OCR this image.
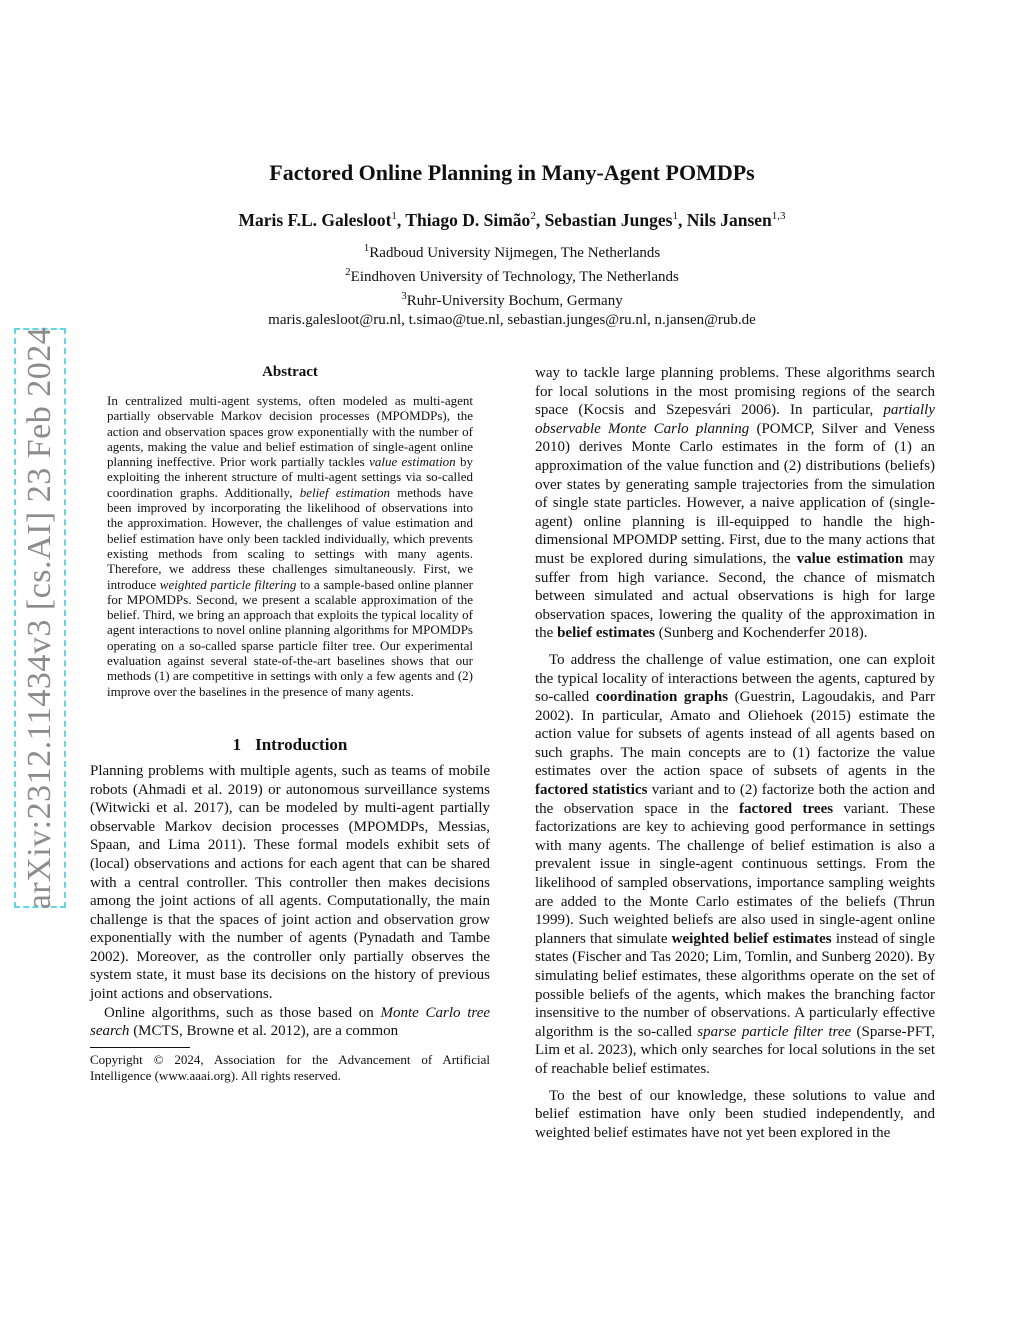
arXiv:2312.11434v3 [cs.AI] 23 Feb 2024
Factored Online Planning in Many-Agent POMDPs
Maris F.L. Galesloot$^1$, Thiago D. Simão$^2$, Sebastian Junges$^1$, Nils Jansen$^{1,3}$
$^1$Radboud University Nijmegen, The Netherlands
$^2$Eindhoven University of Technology, The Netherlands
$^3$Ruhr-University Bochum, Germany
maris.galesloot@ru.nl, t.simao@tue.nl, sebastian.junges@ru.nl, n.jansen@rub.de
Abstract
In centralized multi-agent systems, often modeled as multi-agent partially observable Markov decision processes (MPOMDPs), the action and observation spaces grow exponentially with the number of agents, making the value and belief estimation of single-agent online planning ineffective. Prior work partially tackles value estimation by exploiting the inherent structure of multi-agent settings via so-called coordination graphs. Additionally, belief estimation methods have been improved by incorporating the likelihood of observations into the approximation. However, the challenges of value estimation and belief estimation have only been tackled individually, which prevents existing methods from scaling to settings with many agents. Therefore, we address these challenges simultaneously. First, we introduce weighted particle filtering to a sample-based online planner for MPOMDPs. Second, we present a scalable approximation of the belief. Third, we bring an approach that exploits the typical locality of agent interactions to novel online planning algorithms for MPOMDPs operating on a so-called sparse particle filter tree. Our experimental evaluation against several state-of-the-art baselines shows that our methods (1) are competitive in settings with only a few agents and (2) improve over the baselines in the presence of many agents.
1 Introduction

Planning problems with multiple agents, such as teams of mobile robots (Ahmadi et al. 2019) or autonomous surveillance systems (Witwicki et al. 2017), can be modeled by multi-agent partially observable Markov decision processes (MPOMDPs, Messias, Spaan, and Lima 2011). These formal models exhibit sets of (local) observations and actions for each agent that can be shared with a central controller. This controller then makes decisions among the joint actions of all agents. Computationally, the main challenge is that the spaces of joint action and observation grow exponentially with the number of agents (Pynadath and Tambe 2002). Moreover, as the controller only partially observes the system state, it must base its decisions on the history of previous joint actions and observations.

Online algorithms, such as those based on Monte Carlo tree search (MCTS, Browne et al. 2012), are a common

Copyright © 2024, Association for the Advancement of Artificial Intelligence (www.aaai.org). All rights reserved.

way to tackle large planning problems. These algorithms search for local solutions in the most promising regions of the search space (Kocsis and Szepesvári 2006). In particular, partially observable Monte Carlo planning (POMCP, Silver and Veness 2010) derives Monte Carlo estimates in the form of (1) an approximation of the value function and (2) distributions (beliefs) over states by generating sample trajectories from the simulation of single state particles. However, a naive application of (single-agent) online planning is ill-equipped to handle the high-dimensional MPOMDP setting. First, due to the many actions that must be explored during simulations, the value estimation may suffer from high variance. Second, the chance of mismatch between simulated and actual observations is high for large observation spaces, lowering the quality of the approximation in the belief estimates (Sunberg and Kochenderfer 2018).

To address the challenge of value estimation, one can exploit the typical locality of interactions between the agents, captured by so-called coordination graphs (Guestrin, Lagoudakis, and Parr 2002). In particular, Amato and Oliehoek (2015) estimate the action value for subsets of agents instead of all agents based on such graphs. The main concepts are to (1) factorize the value estimates over the action space of subsets of agents in the factored statistics variant and to (2) factorize both the action and the observation space in the factored trees variant. These factorizations are key to achieving good performance in settings with many agents. The challenge of belief estimation is also a prevalent issue in single-agent continuous settings. From the likelihood of sampled observations, importance sampling weights are added to the Monte Carlo estimates of the beliefs (Thrun 1999). Such weighted beliefs are also used in single-agent online planners that simulate weighted belief estimates instead of single states (Fischer and Tas 2020; Lim, Tomlin, and Sunberg 2020). By simulating belief estimates, these algorithms operate on the set of possible beliefs of the agents, which makes the branching factor insensitive to the number of observations. A particularly effective algorithm is the so-called sparse particle filter tree (Sparse-PFT, Lim et al. 2023), which only searches for local solutions in the set of reachable belief estimates.

To the best of our knowledge, these solutions to value and belief estimation have only been studied independently, and weighted belief estimates have not yet been explored in the
